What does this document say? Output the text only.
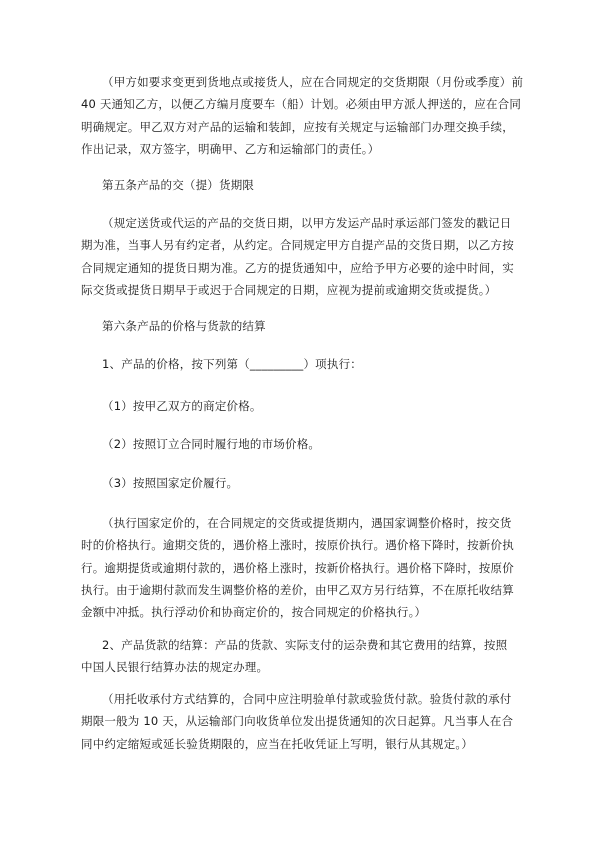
（甲方如要求变更到货地点或接货人，应在合同规定的交货期限（月份或季度）前
40 天通知乙方，以便乙方编月度要车（船）计划。必须由甲方派人押送的，应在合同
明确规定。甲乙双方对产品的运输和装卸，应按有关规定与运输部门办理交换手续，
作出记录，双方签字，明确甲、乙方和运输部门的责任。）
第五条产品的交（提）货期限
（规定送货或代运的产品的交货日期，以甲方发运产品时承运部门签发的戳记日
期为准，当事人另有约定者，从约定。合同规定甲方自提产品的交货日期，以乙方按
合同规定通知的提货日期为准。乙方的提货通知中，应给予甲方必要的途中时间，实
际交货或提货日期早于或迟于合同规定的日期，应视为提前或逾期交货或提货。）
第六条产品的价格与货款的结算
1、产品的价格，按下列第（_________）项执行：
（1）按甲乙双方的商定价格。
（2）按照订立合同时履行地的市场价格。
（3）按照国家定价履行。
（执行国家定价的，在合同规定的交货或提货期内，遇国家调整价格时，按交货
时的价格执行。逾期交货的，遇价格上涨时，按原价执行。遇价格下降时，按新价执
行。逾期提货或逾期付款的，遇价格上涨时，按新价格执行。遇价格下降时，按原价
执行。由于逾期付款而发生调整价格的差价，由甲乙双方另行结算，不在原托收结算
金额中冲抵。执行浮动价和协商定价的，按合同规定的价格执行。）
2、产品货款的结算：产品的货款、实际支付的运杂费和其它费用的结算，按照
中国人民银行结算办法的规定办理。
（用托收承付方式结算的，合同中应注明验单付款或验货付款。验货付款的承付
期限一般为 10 天，从运输部门向收货单位发出提货通知的次日起算。凡当事人在合
同中约定缩短或延长验货期限的，应当在托收凭证上写明，银行从其规定。）
